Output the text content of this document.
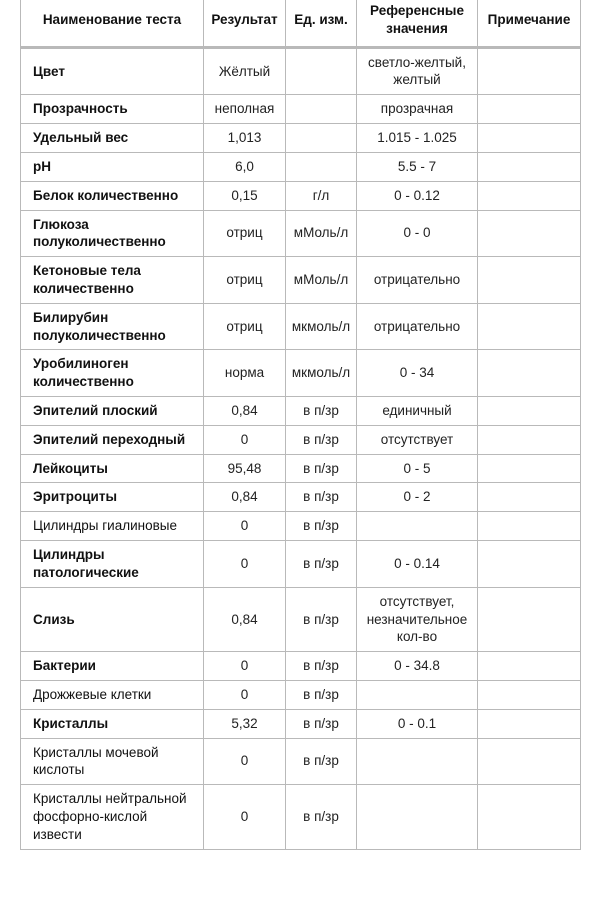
Наименование теста	Результат	Ед. изм.	Референсные значения	Примечание
Цвет	Жёлтый		светло-желтый, желтый	
Прозрачность	неполная		прозрачная	
Удельный вес	1,013		1.015 - 1.025	
pH	6,0		5.5 - 7	
Белок количественно	0,15	г/л	0 - 0.12	
Глюкоза полуколичественно	отриц	мМоль/л	0 - 0	
Кетоновые тела количественно	отриц	мМоль/л	отрицательно	
Билирубин полуколичественно	отриц	мкмоль/л	отрицательно	
Уробилиноген количественно	норма	мкмоль/л	0 - 34	
Эпителий плоский	0,84	в п/зр	единичный	
Эпителий переходный	0	в п/зр	отсутствует	
Лейкоциты	95,48	в п/зр	0 - 5	
Эритроциты	0,84	в п/зр	0 - 2	
Цилиндры гиалиновые	0	в п/зр		
Цилиндры патологические	0	в п/зр	0 - 0.14	
Слизь	0,84	в п/зр	отсутствует, незначительное кол-во	
Бактерии	0	в п/зр	0 - 34.8	
Дрожжевые клетки	0	в п/зр		
Кристаллы	5,32	в п/зр	0 - 0.1	
Кристаллы мочевой кислоты	0	в п/зр		
Кристаллы нейтральной фосфорно-кислой извести	0	в п/зр		
